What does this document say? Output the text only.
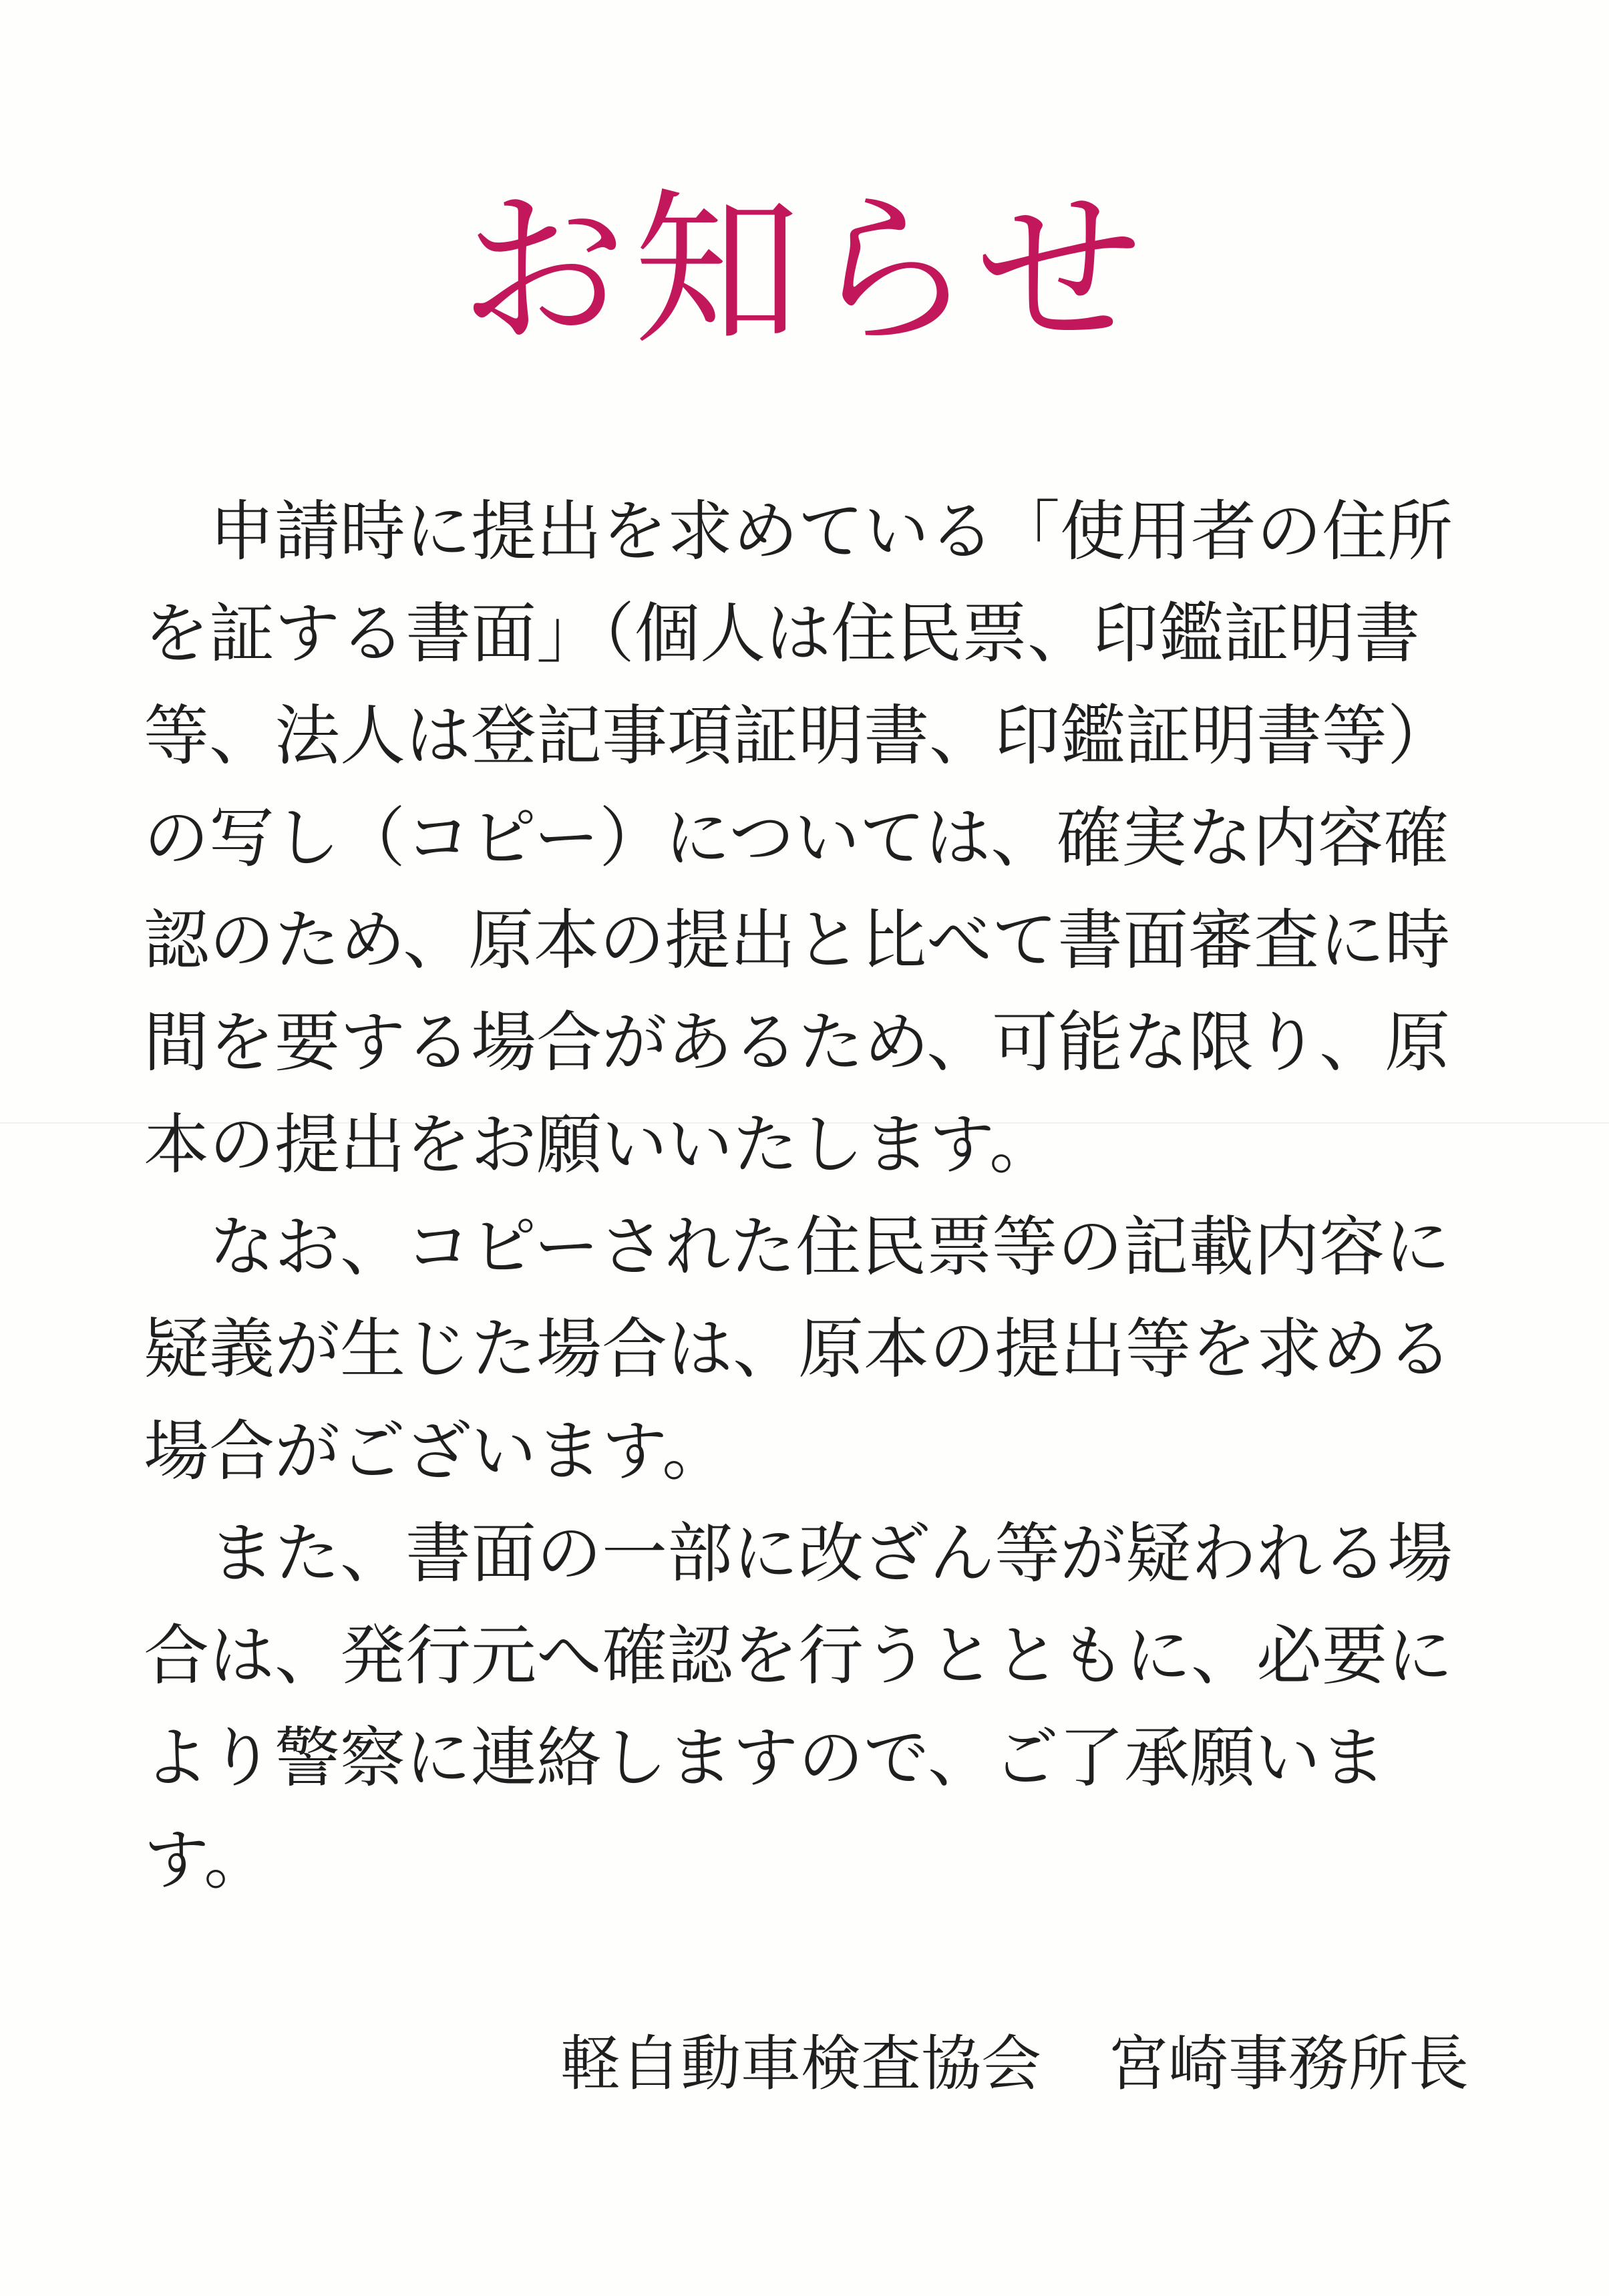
お知らせ

申請時に提出を求めている「使用者の住所を証する書面」（個人は住民票、印鑑証明書等、法人は登記事項証明書、印鑑証明書等）の写し（コピー）については、確実な内容確認のため、原本の提出と比べて書面審査に時間を要する場合があるため、可能な限り、原本の提出をお願いいたします。

なお、コピーされた住民票等の記載内容に疑義が生じた場合は、原本の提出等を求める場合がございます。

また、書面の一部に改ざん等が疑われる場合は、発行元へ確認を行うとともに、必要により警察に連絡しますので、ご了承願います。

軽自動車検査協会 宮崎事務所長
